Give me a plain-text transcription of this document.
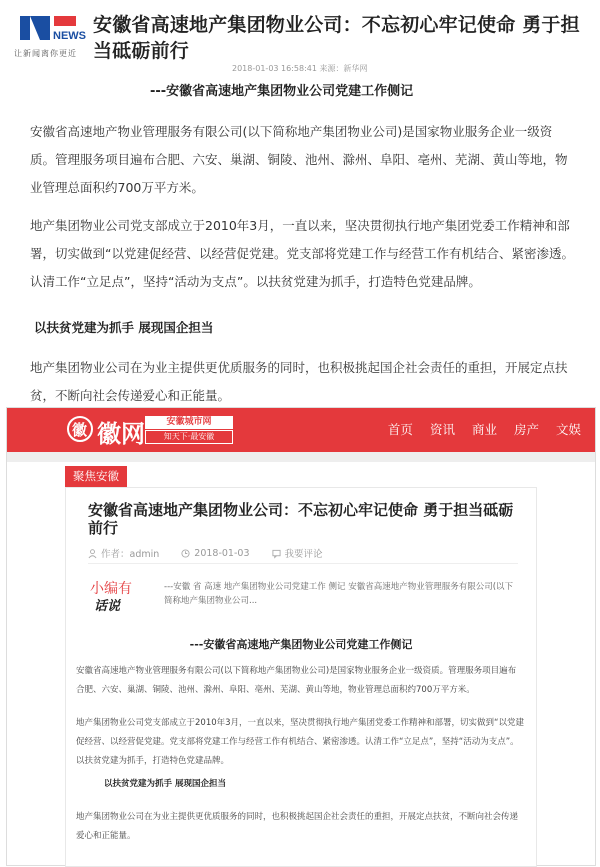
NEWS
让新闻离你更近
安徽省高速地产集团物业公司：不忘初心牢记使命 勇于担当砥砺前行
2018-01-03 16:58:41 来源：新华网
---安徽省高速地产集团物业公司党建工作侧记
安徽省高速地产物业管理服务有限公司(以下简称地产集团物业公司)是国家物业服务企业一级资质。管理服务项目遍布合肥、六安、巢湖、铜陵、池州、滁州、阜阳、亳州、芜湖、黄山等地，物业管理总面积约700万平方米。
地产集团物业公司党支部成立于2010年3月，一直以来，坚决贯彻执行地产集团党委工作精神和部署，切实做到“以党建促经营、以经营促党建。党支部将党建工作与经营工作有机结合、紧密渗透。认清工作“立足点”，坚持“活动为支点”。以扶贫党建为抓手，打造特色党建品牌。
以扶贫党建为抓手 展现国企担当
地产集团物业公司在为业主提供更优质服务的同时，也积极挑起国企社会责任的重担，开展定点扶贫，不断向社会传递爱心和正能量。
徽 徽网	安徽城市网
知天下·最安徽	首页 资讯 商业 房产 文娱
聚焦安徽
安徽省高速地产集团物业公司：不忘初心牢记使命 勇于担当砥砺前行
作者：admin	2018-01-03	我要评论
小编有
话说
---安徽 省 高速 地产集团物业公司党建工作 侧记 安徽省高速地产物业管理服务有限公司(以下简称地产集团物业公司...
---安徽省高速地产集团物业公司党建工作侧记
安徽省高速地产物业管理服务有限公司(以下简称地产集团物业公司)是国家物业服务企业一级资质。管理服务项目遍布合肥、六安、巢湖、铜陵、池州、滁州、阜阳、亳州、芜湖、黄山等地，物业管理总面积约700万平方米。
地产集团物业公司党支部成立于2010年3月，一直以来，坚决贯彻执行地产集团党委工作精神和部署，切实做到“以党建促经营、以经营促党建。党支部将党建工作与经营工作有机结合、紧密渗透。认清工作“立足点”，坚持“活动为支点”。以扶贫党建为抓手，打造特色党建品牌。
以扶贫党建为抓手 展现国企担当
地产集团物业公司在为业主提供更优质服务的同时，也积极挑起国企社会责任的重担，开展定点扶贫，不断向社会传递爱心和正能量。
